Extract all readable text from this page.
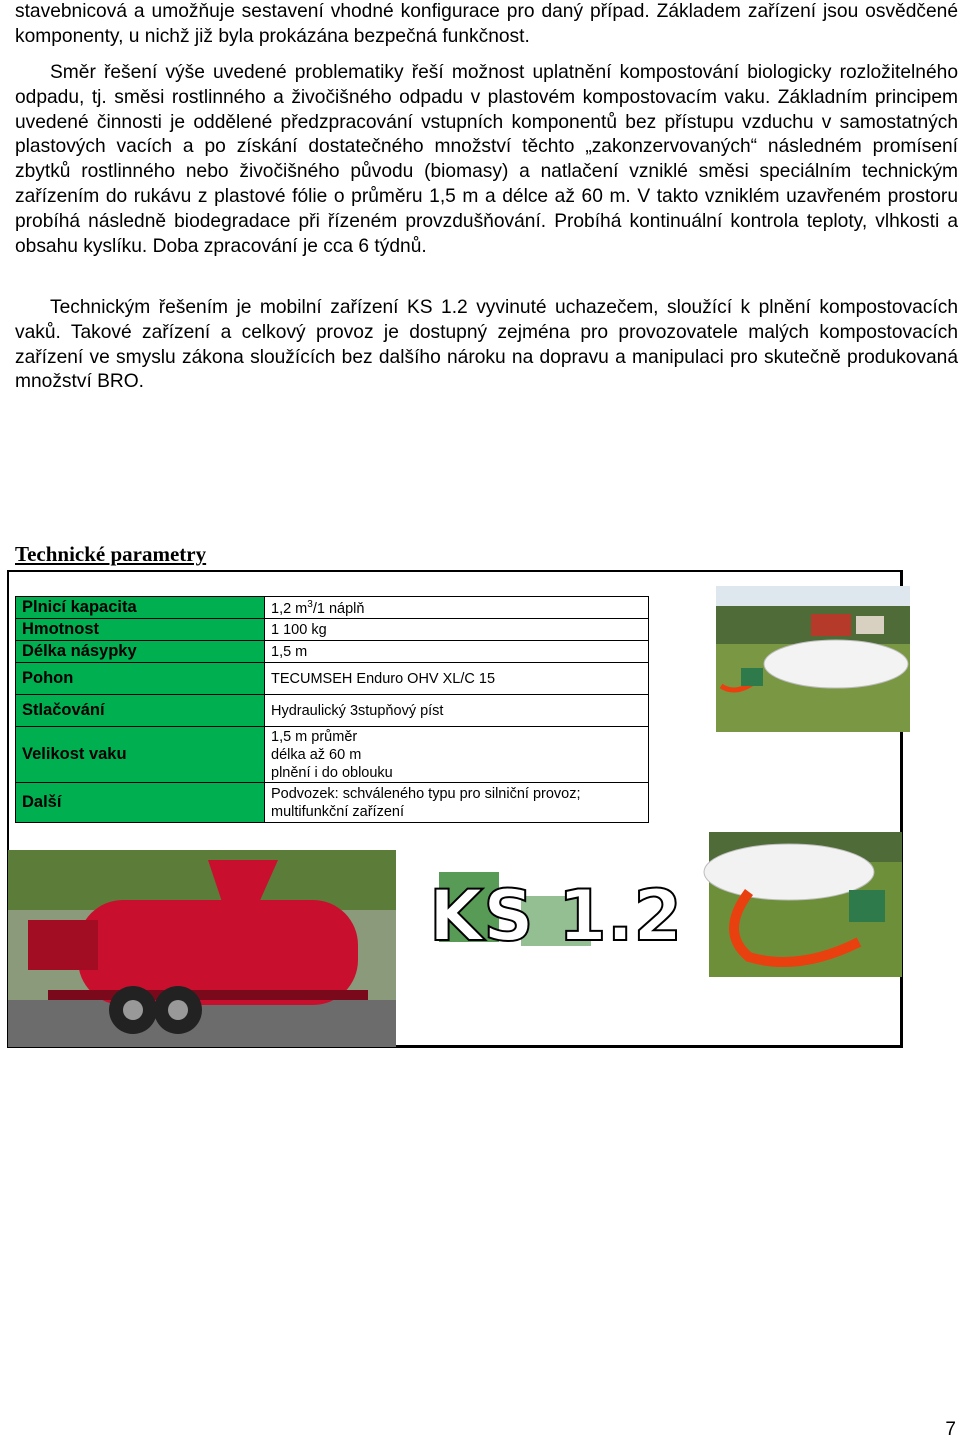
stavebnicová a umožňuje sestavení vhodné konfigurace pro daný případ. Základem zařízení jsou osvědčené komponenty, u nichž již byla prokázána bezpečná funkčnost.

Směr řešení výše uvedené problematiky řeší možnost uplatnění kompostování biologicky rozložitelného odpadu, tj. směsi rostlinného a živočišného odpadu v plastovém kompostovacím vaku. Základním principem uvedené činnosti je oddělené předzpracování vstupních komponentů bez přístupu vzduchu v samostatných plastových vacích a po získání dostatečného množství těchto „zakonzervovaných“ následném promísení zbytků rostlinného nebo živočišného původu (biomasy) a natlačení vzniklé směsi speciálním technickým zařízením do rukávu z plastové fólie o průměru 1,5 m a délce až 60 m. V takto vzniklém uzavřeném prostoru probíhá následně biodegradace při řízeném provzdušňování. Probíhá kontinuální kontrola teploty, vlhkosti a obsahu kyslíku. Doba zpracování je cca 6 týdnů.

Technickým řešením je mobilní zařízení KS 1.2 vyvinuté uchazečem, sloužící k plnění kompostovacích vaků. Takové zařízení a celkový provoz je dostupný zejména pro provozovatele malých kompostovacích zařízení ve smyslu zákona sloužících bez dalšího nároku na dopravu a manipulaci pro skutečně produkovaná množství BRO.

Technické parametry
Plnicí kapacita	1,2 $m^3/1$ náplň
Hmotnost	1 100 kg
Délka násypky	1,5 m
Pohon	TECUMSEH Enduro OHV XL/C 15
Stlačování	Hydraulický 3stupňový píst
Velikost vaku	1,5 m průměr
délka až 60 m
plnění i do oblouku

Další	Podvozek: schváleného typu pro silniční provoz;
multifunkční zařízení
KS 1.2

7
